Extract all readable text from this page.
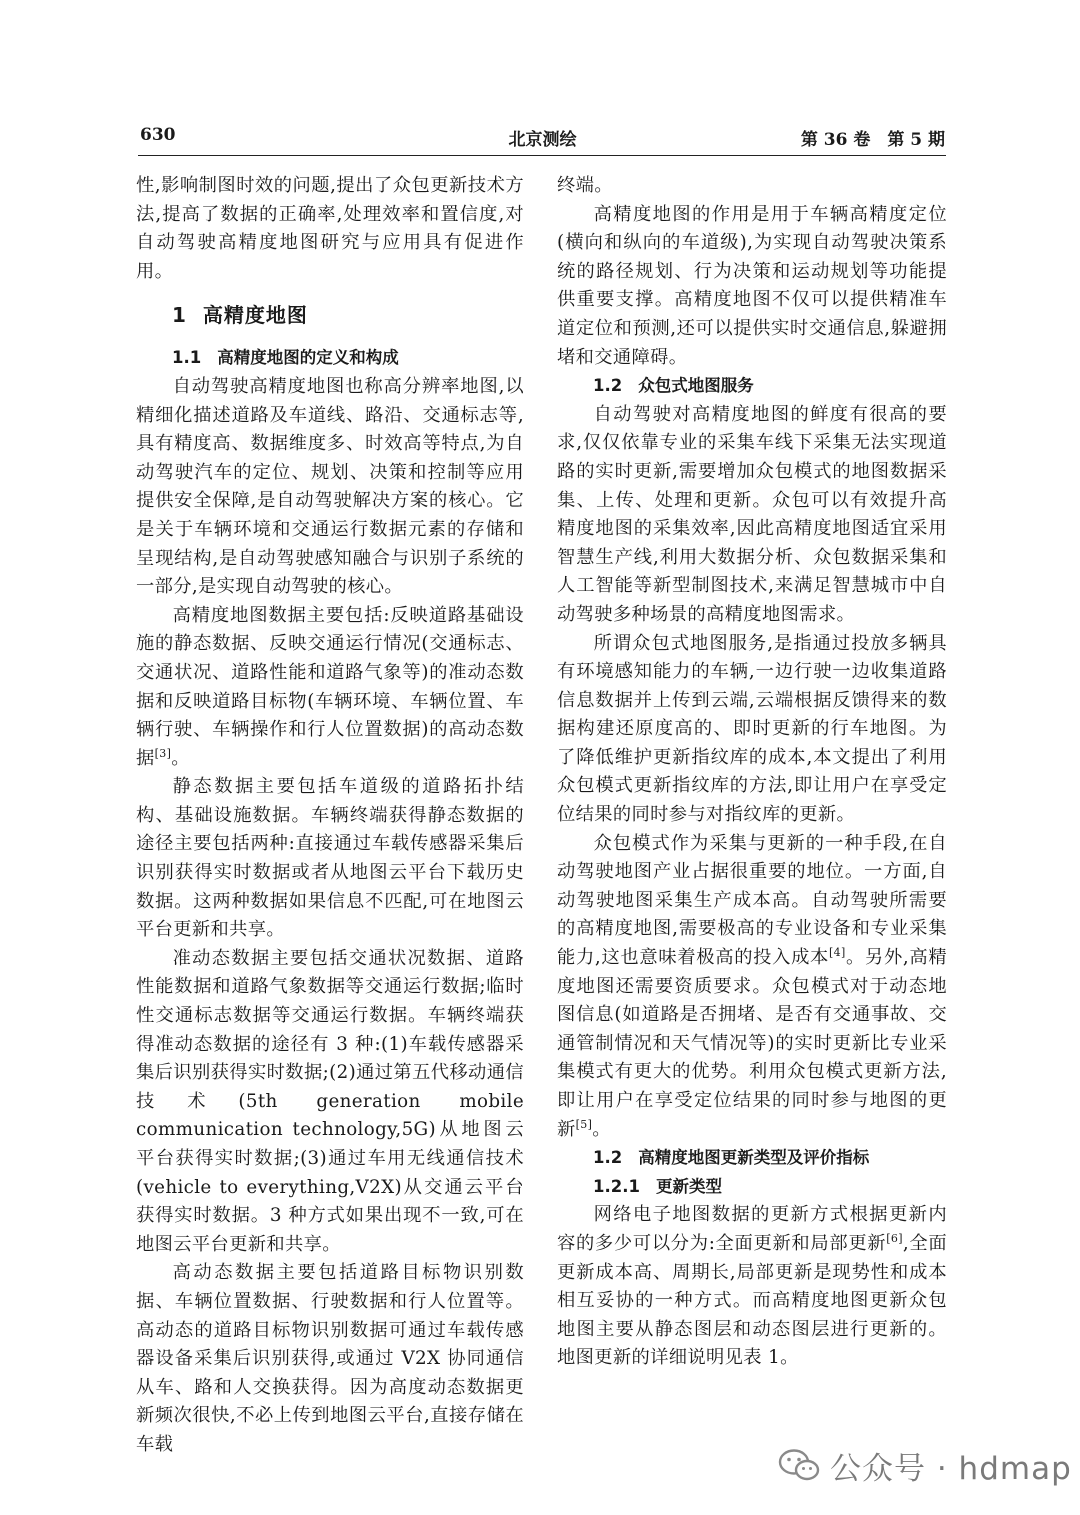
630	北京测绘	第 36 卷　第 5 期

性,影响制图时效的问题,提出了众包更新技术方法,提高了数据的正确率,处理效率和置信度,对自动驾驶高精度地图研究与应用具有促进作用。

1 高精度地图
1.1 高精度地图的定义和构成

自动驾驶高精度地图也称高分辨率地图,以精细化描述道路及车道线、路沿、交通标志等,具有精度高、数据维度多、时效高等特点,为自动驾驶汽车的定位、规划、决策和控制等应用提供安全保障,是自动驾驶解决方案的核心。它是关于车辆环境和交通运行数据元素的存储和呈现结构,是自动驾驶感知融合与识别子系统的一部分,是实现自动驾驶的核心。

高精度地图数据主要包括:反映道路基础设施的静态数据、反映交通运行情况(交通标志、交通状况、道路性能和道路气象等)的准动态数据和反映道路目标物(车辆环境、车辆位置、车辆行驶、车辆操作和行人位置数据)的高动态数据[3]。

静态数据主要包括车道级的道路拓扑结构、基础设施数据。车辆终端获得静态数据的途径主要包括两种:直接通过车载传感器采集后识别获得实时数据或者从地图云平台下载历史数据。这两种数据如果信息不匹配,可在地图云平台更新和共享。

准动态数据主要包括交通状况数据、道路性能数据和道路气象数据等交通运行数据;临时性交通标志数据等交通运行数据。车辆终端获得准动态数据的途径有 3 种:(1)车载传感器采集后识别获得实时数据;(2)通过第五代移动通信技术(5th generation mobile communication technology,5G)从地图云平台获得实时数据;(3)通过车用无线通信技术(vehicle to everything,V2X)从交通云平台获得实时数据。3 种方式如果出现不一致,可在地图云平台更新和共享。

高动态数据主要包括道路目标物识别数据、车辆位置数据、行驶数据和行人位置等。高动态的道路目标物识别数据可通过车载传感器设备采集后识别获得,或通过 V2X 协同通信从车、路和人交换获得。因为高度动态数据更新频次很快,不必上传到地图云平台,直接存储在车载

终端。

高精度地图的作用是用于车辆高精度定位(横向和纵向的车道级),为实现自动驾驶决策系统的路径规划、行为决策和运动规划等功能提供重要支撑。高精度地图不仅可以提供精准车道定位和预测,还可以提供实时交通信息,躲避拥堵和交通障碍。

1.2 众包式地图服务

自动驾驶对高精度地图的鲜度有很高的要求,仅仅依靠专业的采集车线下采集无法实现道路的实时更新,需要增加众包模式的地图数据采集、上传、处理和更新。众包可以有效提升高精度地图的采集效率,因此高精度地图适宜采用智慧生产线,利用大数据分析、众包数据采集和人工智能等新型制图技术,来满足智慧城市中自动驾驶多种场景的高精度地图需求。

所谓众包式地图服务,是指通过投放多辆具有环境感知能力的车辆,一边行驶一边收集道路信息数据并上传到云端,云端根据反馈得来的数据构建还原度高的、即时更新的行车地图。为了降低维护更新指纹库的成本,本文提出了利用众包模式更新指纹库的方法,即让用户在享受定位结果的同时参与对指纹库的更新。

众包模式作为采集与更新的一种手段,在自动驾驶地图产业占据很重要的地位。一方面,自动驾驶地图采集生产成本高。自动驾驶所需要的高精度地图,需要极高的专业设备和专业采集能力,这也意味着极高的投入成本[4]。另外,高精度地图还需要资质要求。众包模式对于动态地图信息(如道路是否拥堵、是否有交通事故、交通管制情况和天气情况等)的实时更新比专业采集模式有更大的优势。利用众包模式更新方法,即让用户在享受定位结果的同时参与地图的更新[5]。

1.2 高精度地图更新类型及评价指标
1.2.1 更新类型

网络电子地图数据的更新方式根据更新内容的多少可以分为:全面更新和局部更新[6],全面更新成本高、周期长,局部更新是现势性和成本相互妥协的一种方式。而高精度地图更新众包地图主要从静态图层和动态图层进行更新的。地图更新的详细说明见表 1。

公众号 · hdmap
